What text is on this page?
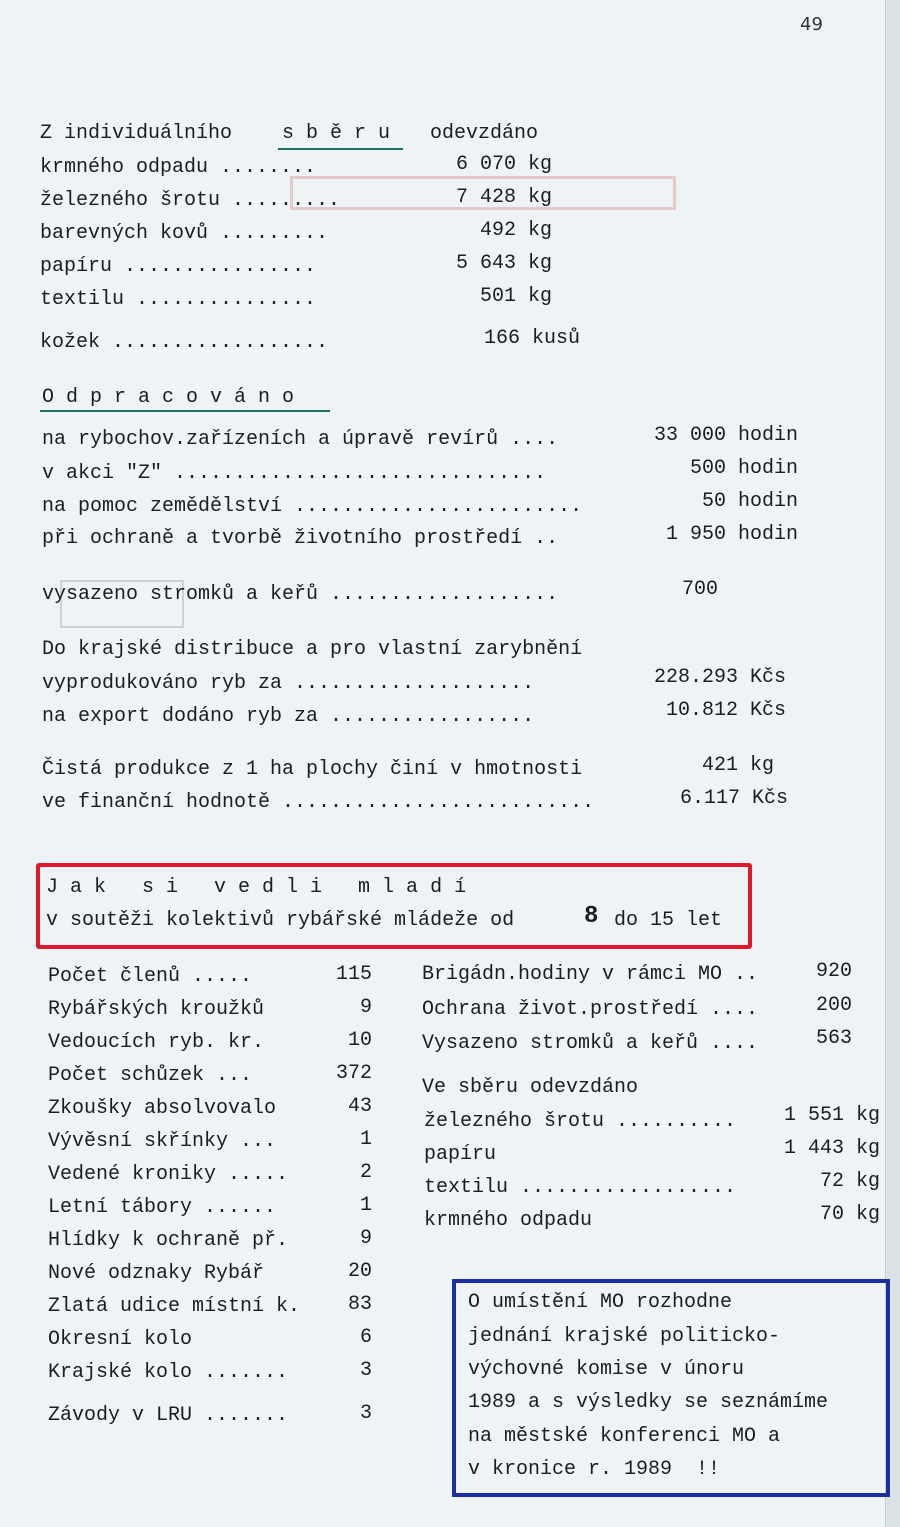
49
Z individuálního s b ě r u odevzdáno
krmného odpadu ........	6 070 kg
železného šrotu .........	7 428 kg
barevných kovů .........	492 kg
papíru ................	5 643 kg
textilu ...............	501 kg
kožek ..................	166 kusů
O d p r a c o v á n o
na rybochov.zařízeních a úpravě revírů ....	33 000 hodin
v akci "Z" ...............................	500 hodin
na pomoc zemědělství ........................	50 hodin
při ochraně a tvorbě životního prostředí ..	1 950 hodin
vysazeno stromků a keřů ...................	700
Do krajské distribuce a pro vlastní zarybnění
vyprodukováno ryb za ....................	228.293 Kčs
na export dodáno ryb za .................	10.812 Kčs
Čistá produkce z 1 ha plochy činí v hmotnosti	421 kg
ve finanční hodnotě ..........................	6.117 Kčs
J a k   s i   v e d l i   m l a d í
v soutěži kolektivů rybářské mládeže od	8 do 15 let
Počet členů .....	115
Rybářských kroužků	9
Vedoucích ryb. kr.	10
Počet schůzek ...	372
Zkoušky absolvovalo	43
Vývěsní skřínky ...	1
Vedené kroniky .....	2
Letní tábory ......	1
Hlídky k ochraně př.	9
Nové odznaky Rybář	20
Zlatá udice místní k.	83
Okresní kolo	6
Krajské kolo .......	3
Závody v LRU .......	3
Brigádn.hodiny v rámci MO ..	920
Ochrana život.prostředí ....	200
Vysazeno stromků a keřů ....	563
Ve sběru odevzdáno
železného šrotu ..........	1 551 kg
papíru	1 443 kg
textilu ..................	72 kg
krmného odpadu	70 kg
O umístění MO rozhodne
jednání krajské politicko-
výchovné komise v únoru
1989 a s výsledky se seznámíme
na městské konferenci MO a
v kronice r. 1989  !!
